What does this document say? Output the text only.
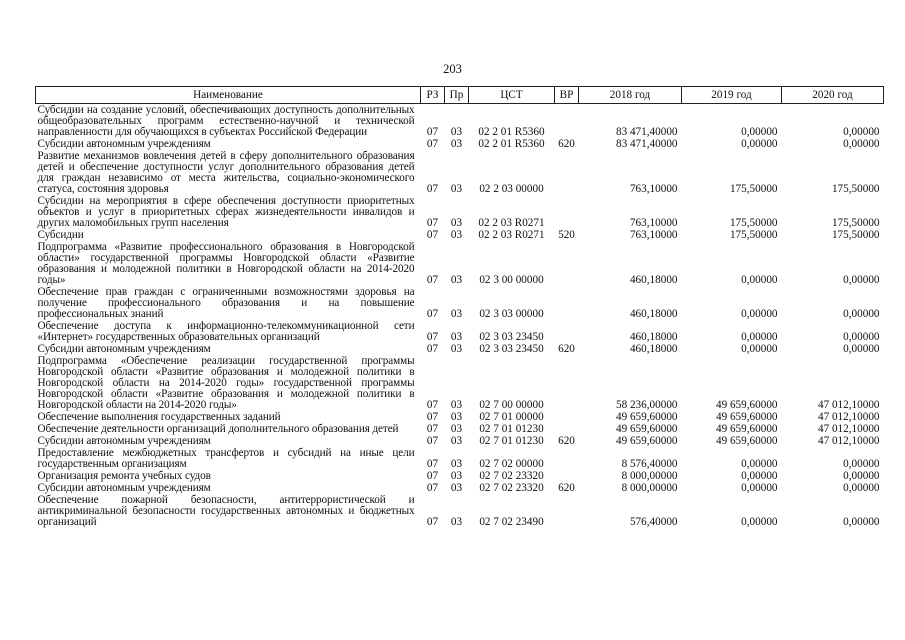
203
Наименование	РЗ	Пр	ЦСТ	ВР	2018 год	2019 год	2020 год
Субсидии на создание условий, обеспечивающих доступность дополнительных общеобразовательных программ естественно-научной и технической направленности для обучающихся в субъектах Российской Федерации	07	03	02 2 01 R5360		83 471,40000	0,00000	0,00000
Субсидии автономным учреждениям	07	03	02 2 01 R5360	620	83 471,40000	0,00000	0,00000
Развитие механизмов вовлечения детей в сферу дополнительного образования детей и обеспечение доступности услуг дополнительного образования детей для граждан независимо от места жительства, социально-экономического статуса, состояния здоровья	07	03	02 2 03 00000		763,10000	175,50000	175,50000
Субсидии на мероприятия в сфере обеспечения доступности приоритетных объектов и услуг в приоритетных сферах жизнедеятельности инвалидов и других маломобильных групп населения	07	03	02 2 03 R0271		763,10000	175,50000	175,50000
Субсидии	07	03	02 2 03 R0271	520	763,10000	175,50000	175,50000
Подпрограмма «Развитие профессионального образования в Новгородской области» государственной программы Новгородской области «Развитие образования и молодежной политики в Новгородской области на 2014-2020 годы»	07	03	02 3 00 00000		460,18000	0,00000	0,00000
Обеспечение прав граждан с ограниченными возможностями здоровья на получение профессионального образования и на повышение профессиональных знаний	07	03	02 3 03 00000		460,18000	0,00000	0,00000
Обеспечение доступа к информационно-телекоммуникационной сети «Интернет» государственных образовательных организаций	07	03	02 3 03 23450		460,18000	0,00000	0,00000
Субсидии автономным учреждениям	07	03	02 3 03 23450	620	460,18000	0,00000	0,00000
Подпрограмма «Обеспечение реализации государственной программы Новгородской области «Развитие образования и молодежной политики в Новгородской области на 2014-2020 годы» государственной программы Новгородской области «Развитие образования и молодежной политики в Новгородской области на 2014-2020 годы»	07	03	02 7 00 00000		58 236,00000	49 659,60000	47 012,10000
Обеспечение выполнения государственных заданий	07	03	02 7 01 00000		49 659,60000	49 659,60000	47 012,10000
Обеспечение деятельности организаций дополнительного образования детей	07	03	02 7 01 01230		49 659,60000	49 659,60000	47 012,10000
Субсидии автономным учреждениям	07	03	02 7 01 01230	620	49 659,60000	49 659,60000	47 012,10000
Предоставление межбюджетных трансфертов и субсидий на иные цели государственным организациям	07	03	02 7 02 00000		8 576,40000	0,00000	0,00000
Организация ремонта учебных судов	07	03	02 7 02 23320		8 000,00000	0,00000	0,00000
Субсидии автономным учреждениям	07	03	02 7 02 23320	620	8 000,00000	0,00000	0,00000
Обеспечение пожарной безопасности, антитеррористической и антикриминальной безопасности государственных автономных и бюджетных организаций	07	03	02 7 02 23490		576,40000	0,00000	0,00000
